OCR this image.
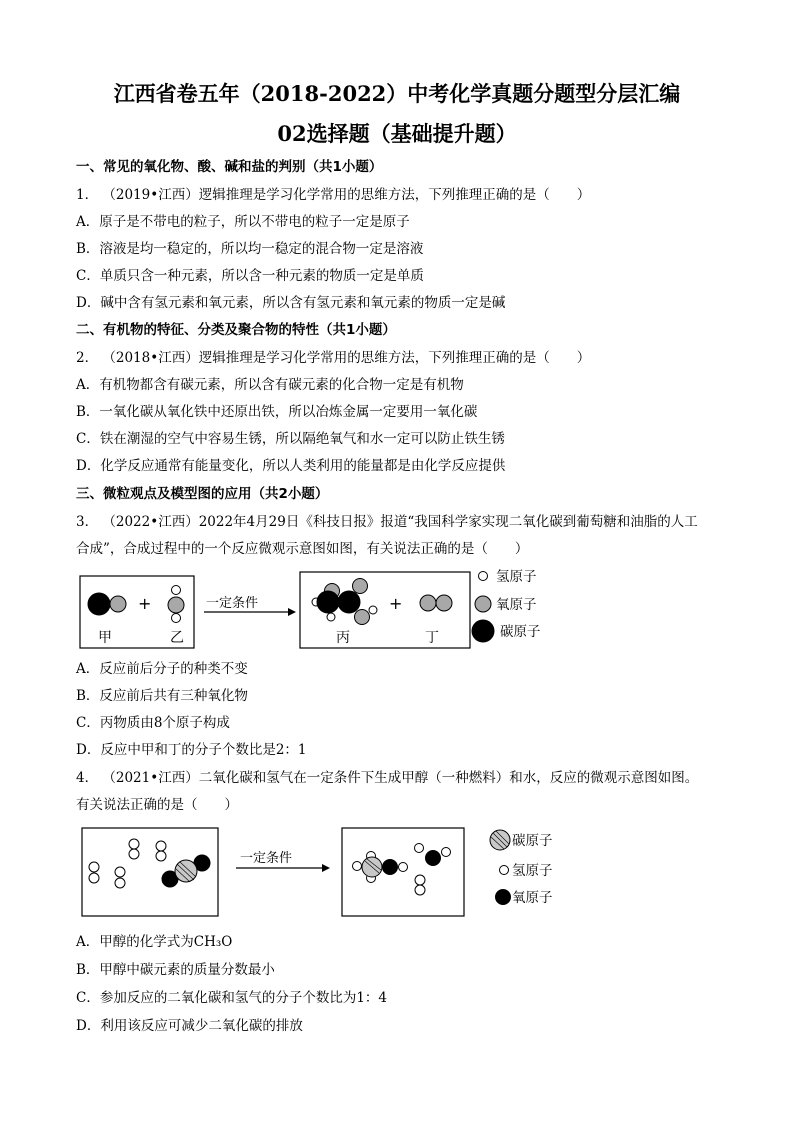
江西省卷五年（2018-2022）中考化学真题分题型分层汇编
02选择题（基础提升题）
一、常见的氧化物、酸、碱和盐的判别（共1小题）
1． （2019•江西）逻辑推理是学习化学常用的思维方法，下列推理正确的是（　　）
A．原子是不带电的粒子，所以不带电的粒子一定是原子
B．溶液是均一稳定的，所以均一稳定的混合物一定是溶液
C．单质只含一种元素，所以含一种元素的物质一定是单质
D．碱中含有氢元素和氧元素，所以含有氢元素和氧元素的物质一定是碱
二、有机物的特征、分类及聚合物的特性（共1小题）
2． （2018•江西）逻辑推理是学习化学常用的思维方法，下列推理正确的是（　　）
A．有机物都含有碳元素，所以含有碳元素的化合物一定是有机物
B．一氧化碳从氧化铁中还原出铁，所以冶炼金属一定要用一氧化碳
C．铁在潮湿的空气中容易生锈，所以隔绝氧气和水一定可以防止铁生锈
D．化学反应通常有能量变化，所以人类利用的能量都是由化学反应提供
三、微粒观点及模型图的应用（共2小题）
3． （2022•江西）2022年4月29日《科技日报》报道“我国科学家实现二氧化碳到葡萄糖和油脂的人工
合成”，合成过程中的一个反应微观示意图如图，有关说法正确的是（　　）
+
甲	乙
一定条件	+
丙	丁
氢原子
氧原子
碳原子
A．反应前后分子的种类不变
B．反应前后共有三种氧化物
C．丙物质由8个原子构成
D．反应中甲和丁的分子个数比是2：1
4． （2021•江西）二氧化碳和氢气在一定条件下生成甲醇（一种燃料）和水，反应的微观示意图如图。
有关说法正确的是（　　）
一定条件
碳原子
氢原子
氧原子
A．甲醇的化学式为CH₃O
B．甲醇中碳元素的质量分数最小
C．参加反应的二氧化碳和氢气的分子个数比为1：4
D．利用该反应可减少二氧化碳的排放
